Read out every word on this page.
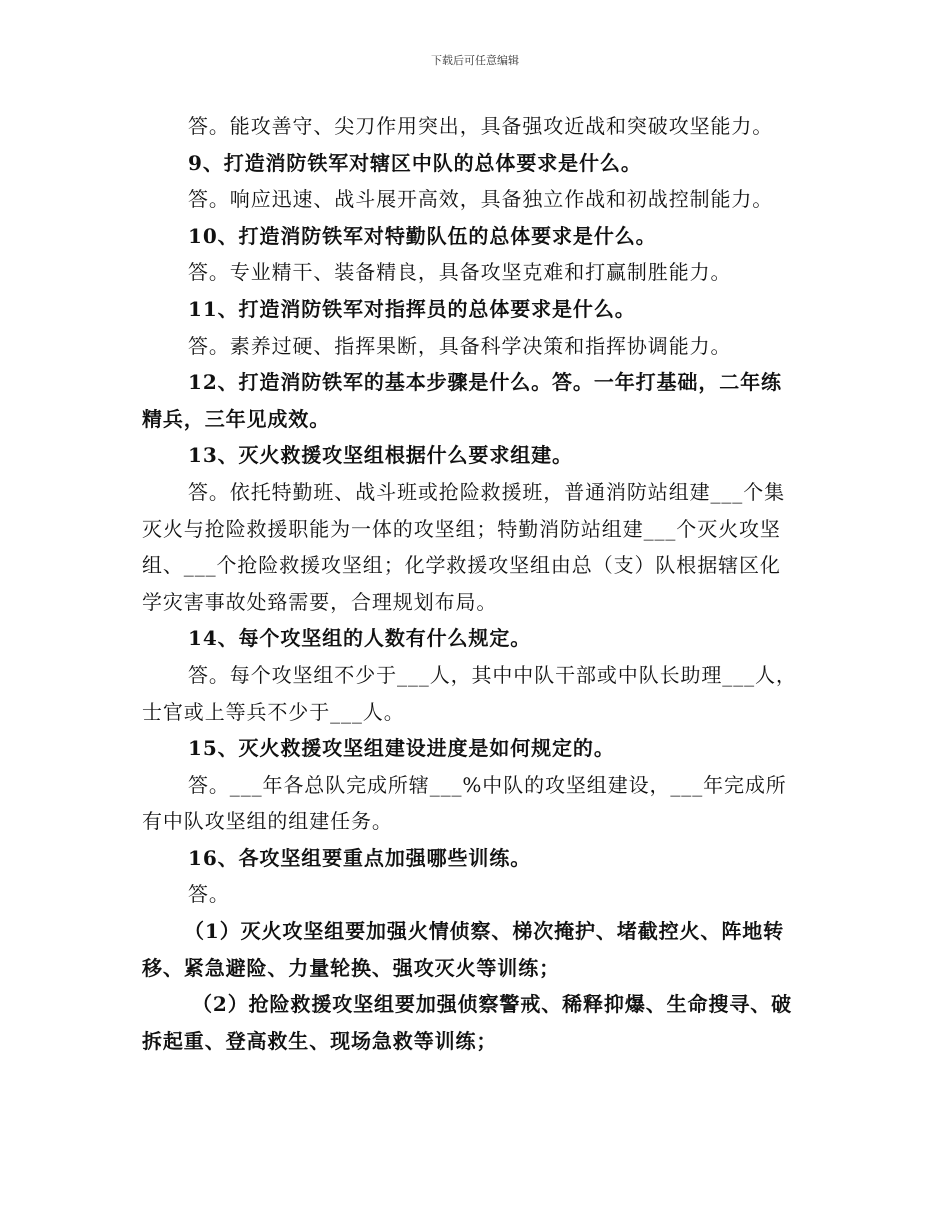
下载后可任意编辑
答。能攻善守、尖刀作用突出，具备强攻近战和突破攻坚能力。
9、打造消防铁军对辖区中队的总体要求是什么。
答。响应迅速、战斗展开高效，具备独立作战和初战控制能力。
10、打造消防铁军对特勤队伍的总体要求是什么。
答。专业精干、装备精良，具备攻坚克难和打赢制胜能力。
11、打造消防铁军对指挥员的总体要求是什么。
答。素养过硬、指挥果断，具备科学决策和指挥协调能力。
12、打造消防铁军的基本步骤是什么。答。一年打基础，二年练
精兵，三年见成效。
13、灭火救援攻坚组根据什么要求组建。
答。依托特勤班、战斗班或抢险救援班，普通消防站组建___个集
灭火与抢险救援职能为一体的攻坚组；特勤消防站组建___个灭火攻坚
组、___个抢险救援攻坚组；化学救援攻坚组由总（支）队根据辖区化
学灾害事故处臵需要，合理规划布局。
14、每个攻坚组的人数有什么规定。
答。每个攻坚组不少于___人，其中中队干部或中队长助理___人，
士官或上等兵不少于___人。
15、灭火救援攻坚组建设进度是如何规定的。
答。___年各总队完成所辖___%中队的攻坚组建设，___年完成所
有中队攻坚组的组建任务。
16、各攻坚组要重点加强哪些训练。
答。
（1）灭火攻坚组要加强火情侦察、梯次掩护、堵截控火、阵地转
移、紧急避险、力量轮换、强攻灭火等训练；
（2）抢险救援攻坚组要加强侦察警戒、稀释抑爆、生命搜寻、破
拆起重、登高救生、现场急救等训练；
